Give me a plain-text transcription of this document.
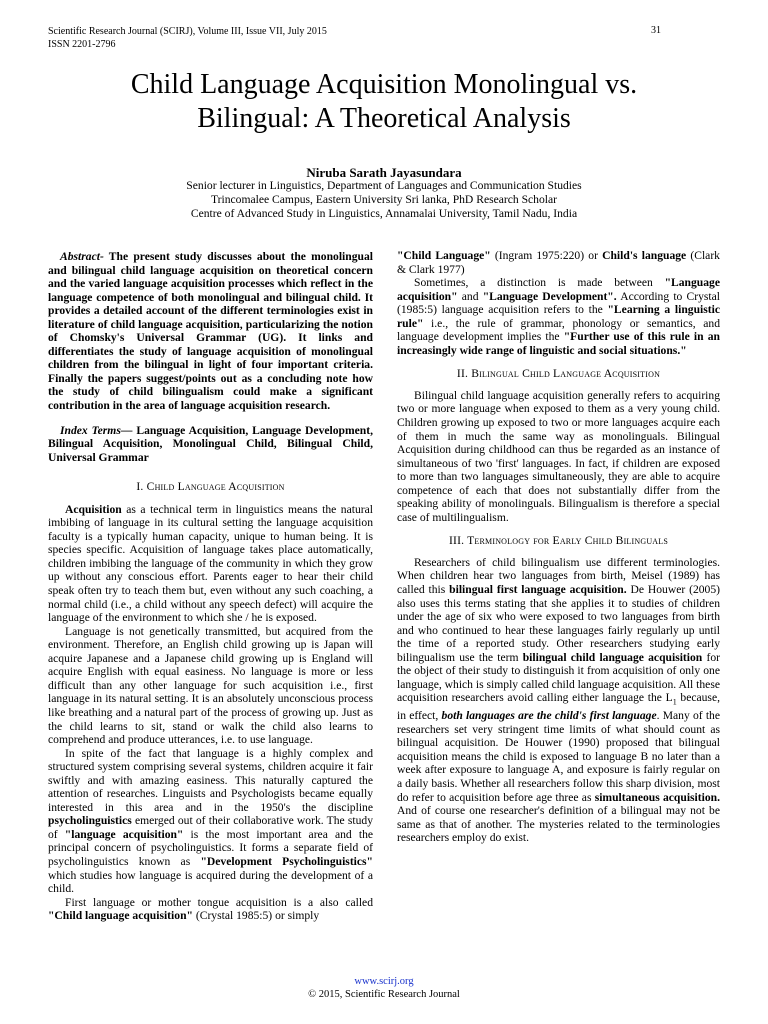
Scientific Research Journal (SCIRJ), Volume III, Issue VII, July 2015
ISSN 2201-2796
31
Child Language Acquisition Monolingual vs.
Bilingual: A Theoretical Analysis
Niruba Sarath Jayasundara
Senior lecturer in Linguistics, Department of Languages and Communication Studies
Trincomalee Campus, Eastern University Sri lanka, PhD Research Scholar
Centre of Advanced Study in Linguistics, Annamalai University, Tamil Nadu, India

Abstract- The present study discusses about the monolingual and bilingual child language acquisition on theoretical concern and the varied language acquisition processes which reflect in the language competence of both monolingual and bilingual child. It provides a detailed account of the different terminologies exist in literature of child language acquisition, particularizing the notion of Chomsky's Universal Grammar (UG). It links and differentiates the study of language acquisition of monolingual children from the bilingual in light of four important criteria. Finally the papers suggest/points out as a concluding note how the study of child bilingualism could make a significant contribution in the area of language acquisition research.

Index Terms— Language Acquisition, Language Development, Bilingual Acquisition, Monolingual Child, Bilingual Child, Universal Grammar

I. Child Language Acquisition

Acquisition as a technical term in linguistics means the natural imbibing of language in its cultural setting the language acquisition faculty is a typically human capacity, unique to human being. It is species specific. Acquisition of language takes place automatically, children imbibing the language of the community in which they grow up without any conscious effort. Parents eager to hear their child speak often try to teach them but, even without any such coaching, a normal child (i.e., a child without any speech defect) will acquire the language of the environment to which she / he is exposed.

Language is not genetically transmitted, but acquired from the environment. Therefore, an English child growing up is Japan will acquire Japanese and a Japanese child growing up is England will acquire English with equal easiness. No language is more or less difficult than any other language for such acquisition i.e., first language in its natural setting. It is an absolutely unconscious process like breathing and a natural part of the process of growing up. Just as the child learns to sit, stand or walk the child also learns to comprehend and produce utterances, i.e. to use language.

In spite of the fact that language is a highly complex and structured system comprising several systems, children acquire it fair swiftly and with amazing easiness. This naturally captured the attention of researches. Linguists and Psychologists became equally interested in this area and in the 1950's the discipline psycholinguistics emerged out of their collaborative work. The study of "language acquisition" is the most important area and the principal concern of psycholinguistics. It forms a separate field of psycholinguistics known as "Development Psycholinguistics" which studies how language is acquired during the development of a child.

First language or mother tongue acquisition is a also called "Child language acquisition" (Crystal 1985:5) or simply

"Child Language" (Ingram 1975:220) or Child's language (Clark & Clark 1977)

Sometimes, a distinction is made between "Language acquisition" and "Language Development". According to Crystal (1985:5) language acquisition refers to the "Learning a linguistic rule" i.e., the rule of grammar, phonology or semantics, and language development implies the "Further use of this rule in an increasingly wide range of linguistic and social situations."

II. Bilingual Child Language Acquisition

Bilingual child language acquisition generally refers to acquiring two or more language when exposed to them as a very young child. Children growing up exposed to two or more languages acquire each of them in much the same way as monolinguals. Bilingual Acquisition during childhood can thus be regarded as an instance of simultaneous of two 'first' languages. In fact, if children are exposed to more than two languages simultaneously, they are able to acquire competence of each that does not substantially differ from the speaking ability of monolinguals. Bilingualism is therefore a special case of multilingualism.

III. Terminology for Early Child Bilinguals

Researchers of child bilingualism use different terminologies. When children hear two languages from birth, Meisel (1989) has called this bilingual first language acquisition. De Houwer (2005) also uses this terms stating that she applies it to studies of children under the age of six who were exposed to two languages from birth and who continued to hear these languages fairly regularly up until the time of a reported study. Other researchers studying early bilingualism use the term bilingual child language acquisition for the object of their study to distinguish it from acquisition of only one language, which is simply called child language acquisition. All these acquisition researchers avoid calling either language the $L_1$ because, in effect, both languages are the child's first language. Many of the researchers set very stringent time limits of what should count as bilingual acquisition. De Houwer (1990) proposed that bilingual acquisition means the child is exposed to language B no later than a week after exposure to language A, and exposure is fairly regular on a daily basis. Whether all researchers follow this sharp division, most do refer to acquisition before age three as simultaneous acquisition. And of course one researcher's definition of a bilingual may not be same as that of another. The mysteries related to the terminologies researchers employ do exist.

www.scirj.org
© 2015, Scientific Research Journal
